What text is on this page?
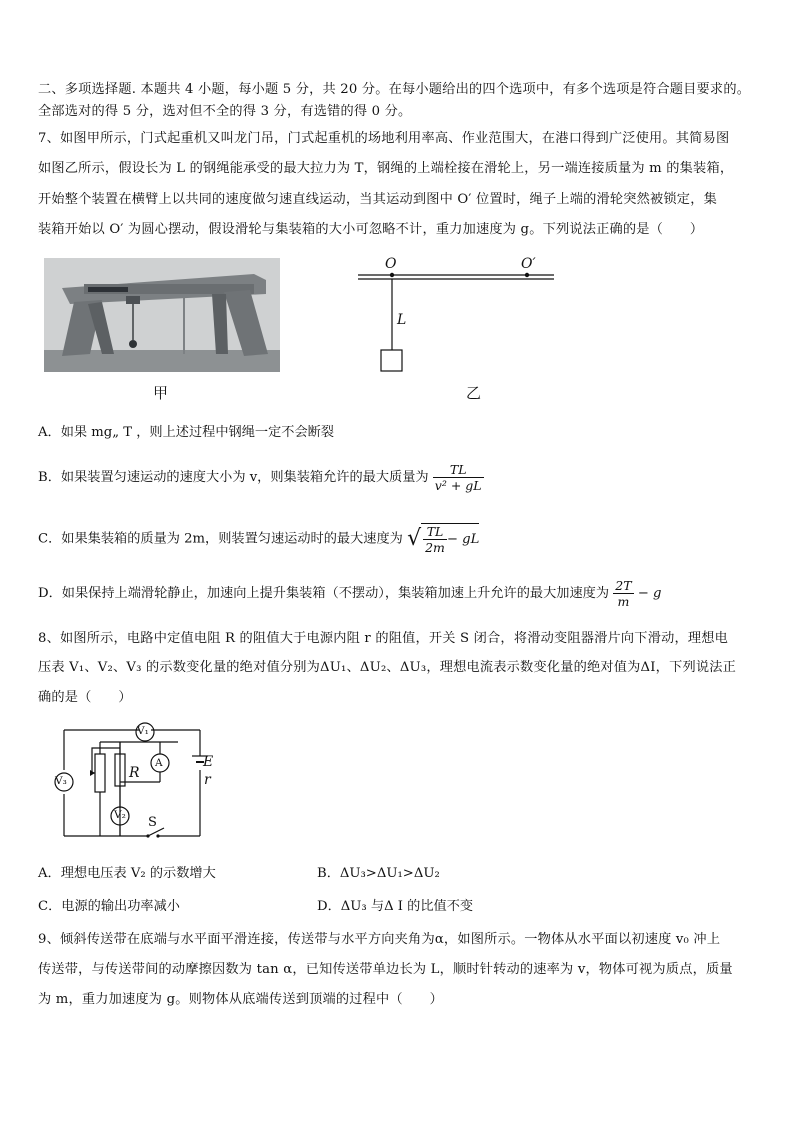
二、多项选择题. 本题共 4 小题，每小题 5 分，共 20 分。在每小题给出的四个选项中，有多个选项是符合题目要求的。
全部选对的得 5 分，选对但不全的得 3 分，有选错的得 0 分。
7、如图甲所示，门式起重机又叫龙门吊，门式起重机的场地利用率高、作业范围大，在港口得到广泛使用。其简易图
如图乙所示，假设长为 L 的钢绳能承受的最大拉力为 T，钢绳的上端栓接在滑轮上，另一端连接质量为 m 的集装箱，
开始整个装置在横臂上以共同的速度做匀速直线运动，当其运动到图中 O′ 位置时，绳子上端的滑轮突然被锁定，集
装箱开始以 O′ 为圆心摆动，假设滑轮与集装箱的大小可忽略不计，重力加速度为 g。下列说法正确的是（　　）
甲
O	O′
L
乙
A．如果 mg„ T ，则上述过程中钢绳一定不会断裂
B．如果装置匀速运动的速度大小为 v，则集装箱允许的最大质量为 $\frac{TL}{\text{v² + gL}}$
C．如果集装箱的质量为 2m，则装置匀速运动时的最大速度为 √ $\frac{TL}{2m}$ − gL
D．如果保持上端滑轮静止，加速向上提升集装箱（不摆动），集装箱加速上升允许的最大加速度为 $\frac{2T}{m} - g$
8、如图所示，电路中定值电阻 R 的阻值大于电源内阻 r 的阻值，开关 S 闭合，将滑动变阻器滑片向下滑动，理想电
压表 V₁、V₂、V₃ 的示数变化量的绝对值分别为ΔU₁、ΔU₂、ΔU₃，理想电流表示数变化量的绝对值为ΔI，下列说法正
确的是（　　）
V₁
A
R
V₃
V₂
E
r
S
A．理想电压表 V₂ 的示数增大	B．ΔU₃>ΔU₁>ΔU₂
C．电源的输出功率减小	D．ΔU₃ 与Δ I 的比值不变
9、倾斜传送带在底端与水平面平滑连接，传送带与水平方向夹角为α，如图所示。一物体从水平面以初速度 v₀ 冲上
传送带，与传送带间的动摩擦因数为 tan α，已知传送带单边长为 L，顺时针转动的速率为 v，物体可视为质点，质量
为 m，重力加速度为 g。则物体从底端传送到顶端的过程中（　　）
